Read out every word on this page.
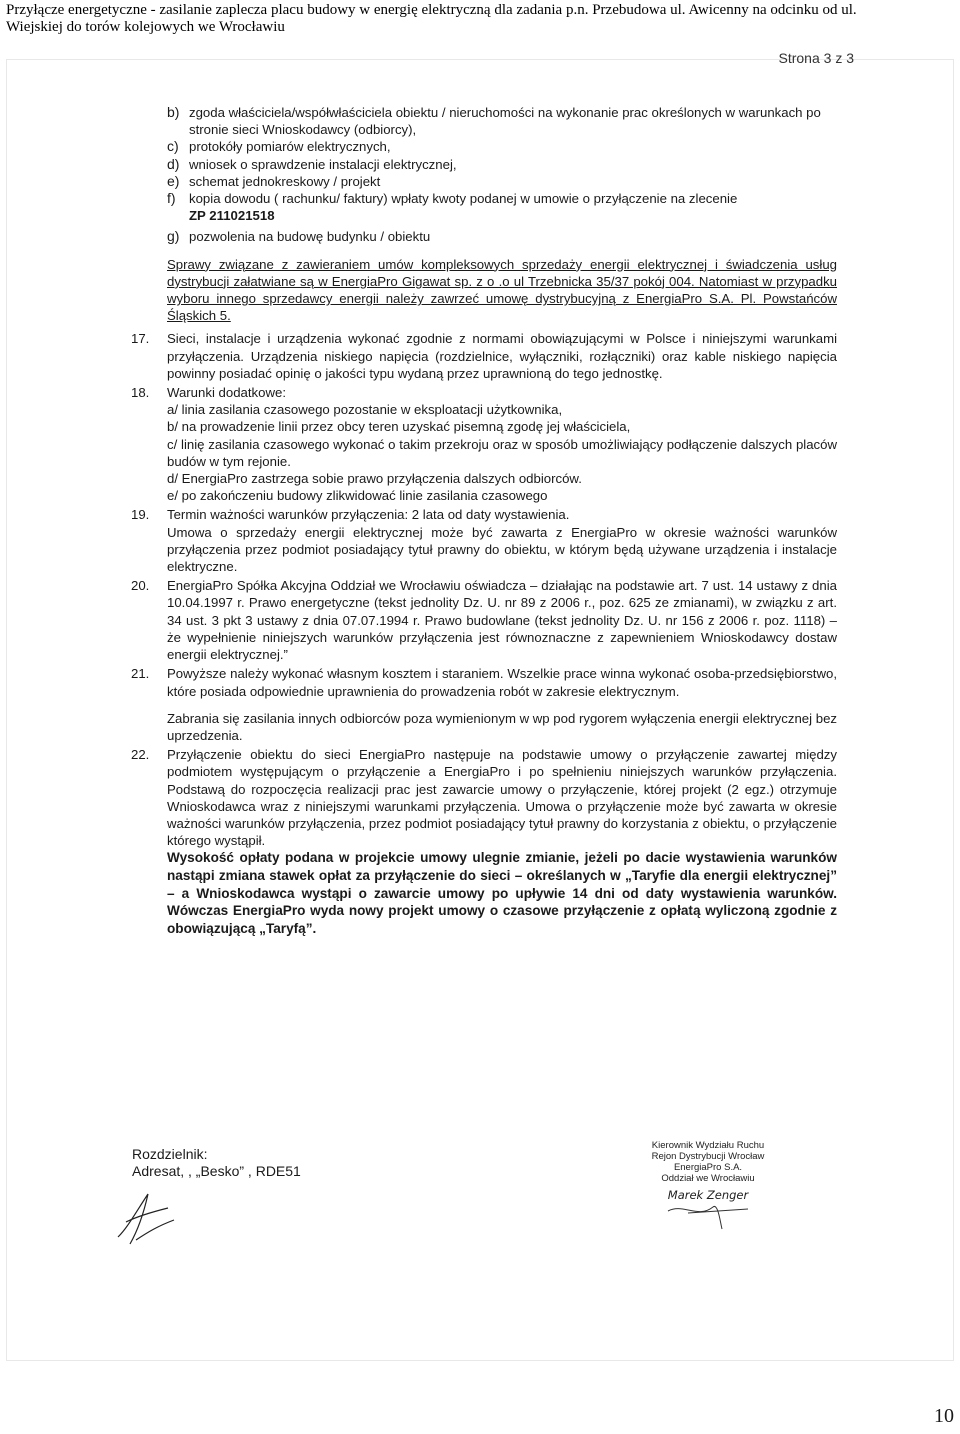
Przyłącze energetyczne - zasilanie zaplecza placu budowy w energię elektryczną dla zadania p.n. Przebudowa ul. Awicenny na odcinku od ul.
Wiejskiej do torów kolejowych we Wrocławiu
Strona 3 z 3
b) zgoda właściciela/współwłaściciela obiektu / nieruchomości na wykonanie prac określonych w warunkach po stronie sieci Wnioskodawcy (odbiorcy),
c) protokóły pomiarów elektrycznych,
d) wniosek o sprawdzenie instalacji elektrycznej,
e) schemat jednokreskowy / projekt
f)	kopia dowodu ( rachunku/ faktury) wpłaty kwoty podanej w umowie o przyłączenie na zlecenie
ZP 211021518
g) pozwolenia na budowę budynku / obiektu
Sprawy związane z zawieraniem umów kompleksowych sprzedaży energii elektrycznej i świadczenia usług dystrybucji załatwiane są w EnergiaPro Gigawat sp. z o .o ul Trzebnicka 35/37 pokój 004. Natomiast w przypadku wyboru innego sprzedawcy energii należy zawrzeć umowę dystrybucyjną z EnergiaPro S.A. Pl. Powstańców Śląskich 5.
17.	Sieci, instalacje i urządzenia wykonać zgodnie z normami obowiązującymi w Polsce i niniejszymi warunkami przyłączenia. Urządzenia niskiego napięcia (rozdzielnice, wyłączniki, rozłączniki) oraz kable niskiego napięcia powinny posiadać opinię o jakości typu wydaną przez uprawnioną do tego jednostkę.

18.	Warunki dodatkowe:

a/ linia zasilania czasowego pozostanie w eksploatacji użytkownika,

b/ na prowadzenie linii przez obcy teren uzyskać pisemną zgodę jej właściciela,

c/ linię zasilania czasowego wykonać o takim przekroju oraz w sposób umożliwiający podłączenie dalszych placów budów w tym rejonie.

d/ EnergiaPro zastrzega sobie prawo przyłączenia dalszych odbiorców.

e/ po zakończeniu budowy zlikwidować linie zasilania czasowego

19.	Termin ważności warunków przyłączenia: 2 lata od daty wystawienia.

Umowa o sprzedaży energii elektrycznej może być zawarta z EnergiaPro w okresie ważności warunków przyłączenia przez podmiot posiadający tytuł prawny do obiektu, w którym będą używane urządzenia i instalacje elektryczne.

20.	EnergiaPro Spółka Akcyjna Oddział we Wrocławiu oświadcza – działając na podstawie art. 7 ust. 14 ustawy z dnia 10.04.1997 r. Prawo energetyczne (tekst jednolity Dz. U. nr 89 z 2006 r., poz. 625 ze zmianami), w związku z art. 34 ust. 3 pkt 3 ustawy z dnia 07.07.1994 r. Prawo budowlane (tekst jednolity Dz. U. nr 156 z 2006 r. poz. 1118) – że wypełnienie niniejszych warunków przyłączenia jest równoznaczne z zapewnieniem Wnioskodawcy dostaw energii elektrycznej.”

21.	Powyższe należy wykonać własnym kosztem i staraniem. Wszelkie prace winna wykonać osoba-przedsiębiorstwo, które posiada odpowiednie uprawnienia do prowadzenia robót w zakresie elektrycznym.

Zabrania się zasilania innych odbiorców poza wymienionym w wp pod rygorem wyłączenia energii elektrycznej bez uprzedzenia.

22.	Przyłączenie obiektu do sieci EnergiaPro następuje na podstawie umowy o przyłączenie zawartej między podmiotem występującym o przyłączenie a EnergiaPro i po spełnieniu niniejszych warunków przyłączenia. Podstawą do rozpoczęcia realizacji prac jest zawarcie umowy o przyłączenie, której projekt (2 egz.) otrzymuje Wnioskodawca wraz z niniejszymi warunkami przyłączenia. Umowa o przyłączenie może być zawarta w okresie ważności warunków przyłączenia, przez podmiot posiadający tytuł prawny do korzystania z obiektu, o przyłączenie którego wystąpił.

Wysokość opłaty podana w projekcie umowy ulegnie zmianie, jeżeli po dacie wystawienia warunków nastąpi zmiana stawek opłat za przyłączenie do sieci – określanych w „Taryfie dla energii elektrycznej” – a Wnioskodawca wystąpi o zawarcie umowy po upływie 14 dni od daty wystawienia warunków. Wówczas EnergiaPro wyda nowy projekt umowy o czasowe przyłączenie z opłatą wyliczoną zgodnie z obowiązującą „Taryfą”.

Rozdzielnik:
Adresat, , „Besko” , RDE51
Kierownik Wydziału Ruchu
Rejon Dystrybucji Wrocław
EnergiaPro S.A.
Oddział we Wrocławiu
Marek Zenger
10
